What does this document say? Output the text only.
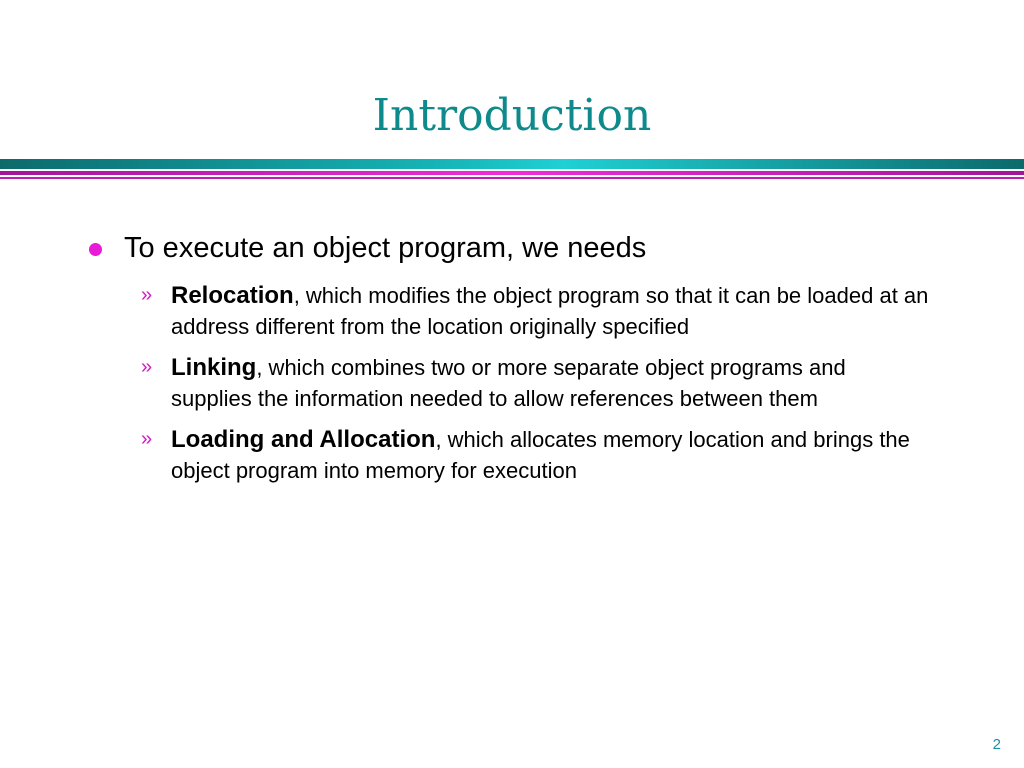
Introduction
To execute an object program, we needs
» Relocation, which modifies the object program so that it can be loaded at an address different from the location originally specified
» Linking, which combines two or more separate object programs and supplies the information needed to allow references between them
» Loading and Allocation, which allocates memory location and brings the object program into memory for execution
2
